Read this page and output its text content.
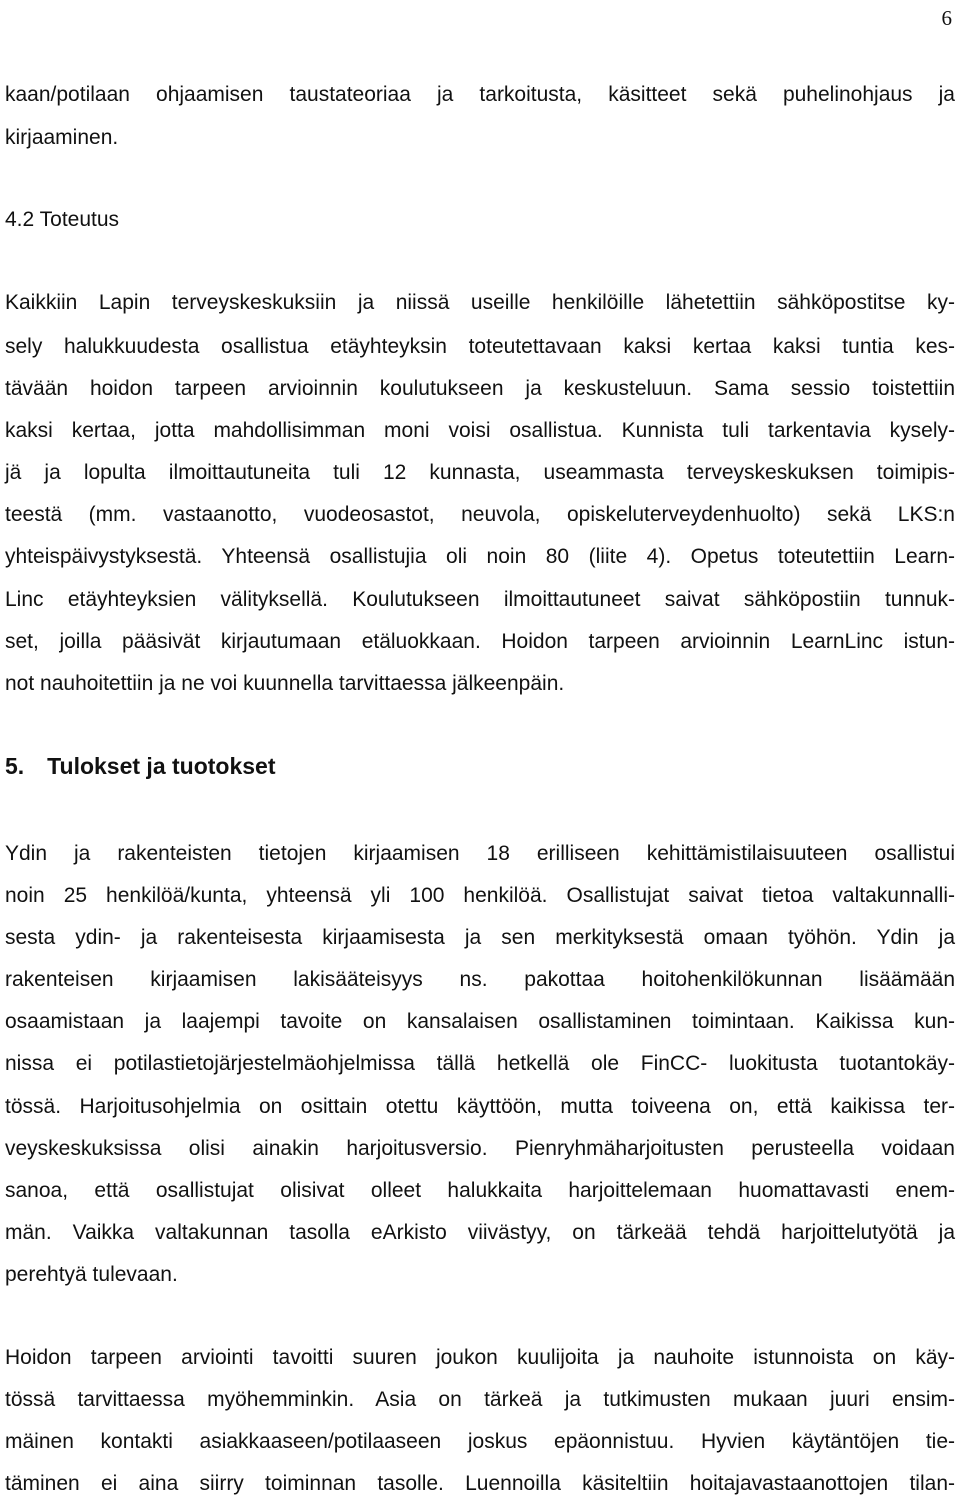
6
kaan/potilaan ohjaamisen taustateoriaa ja tarkoitusta, käsitteet sekä puhelinohjaus ja
kirjaaminen.
4.2 Toteutus
Kaikkiin Lapin terveyskeskuksiin ja niissä useille henkilöille lähetettiin sähköpostitse ky-
sely halukkuudesta osallistua etäyhteyksin toteutettavaan kaksi kertaa kaksi tuntia kes-
tävään hoidon tarpeen arvioinnin koulutukseen ja keskusteluun. Sama sessio toistettiin
kaksi kertaa, jotta mahdollisimman moni voisi osallistua. Kunnista tuli tarkentavia kysely-
jä ja lopulta ilmoittautuneita tuli 12 kunnasta, useammasta terveyskeskuksen toimipis-
teestä (mm. vastaanotto, vuodeosastot, neuvola, opiskeluterveydenhuolto) sekä LKS:n
yhteispäivystyksestä. Yhteensä osallistujia oli noin 80 (liite 4). Opetus toteutettiin Learn-
Linc etäyhteyksien välityksellä. Koulutukseen ilmoittautuneet saivat sähköpostiin tunnuk-
set, joilla pääsivät kirjautumaan etäluokkaan. Hoidon tarpeen arvioinnin LearnLinc istun-
not nauhoitettiin ja ne voi kuunnella tarvittaessa jälkeenpäin.
5. Tulokset ja tuotokset
Ydin ja rakenteisten tietojen kirjaamisen 18 erilliseen kehittämistilaisuuteen osallistui
noin 25 henkilöä/kunta, yhteensä yli 100 henkilöä. Osallistujat saivat tietoa valtakunnalli-
sesta ydin- ja rakenteisesta kirjaamisesta ja sen merkityksestä omaan työhön. Ydin ja
rakenteisen kirjaamisen lakisääteisyys ns. pakottaa hoitohenkilökunnan lisäämään
osaamistaan ja laajempi tavoite on kansalaisen osallistaminen toimintaan. Kaikissa kun-
nissa ei potilastietojärjestelmäohjelmissa tällä hetkellä ole FinCC- luokitusta tuotantokäy-
tössä. Harjoitusohjelmia on osittain otettu käyttöön, mutta toiveena on, että kaikissa ter-
veyskeskuksissa olisi ainakin harjoitusversio. Pienryhmäharjoitusten perusteella voidaan
sanoa, että osallistujat olisivat olleet halukkaita harjoittelemaan huomattavasti enem-
män. Vaikka valtakunnan tasolla eArkisto viivästyy, on tärkeää tehdä harjoittelutyötä ja
perehtyä tulevaan.
Hoidon tarpeen arviointi tavoitti suuren joukon kuulijoita ja nauhoite istunnoista on käy-
tössä tarvittaessa myöhemminkin. Asia on tärkeä ja tutkimusten mukaan juuri ensim-
mäinen kontakti asiakkaaseen/potilaaseen joskus epäonnistuu. Hyvien käytäntöjen tie-
täminen ei aina siirry toiminnan tasolle. Luennoilla käsiteltiin hoitajavastaanottojen tilan-
